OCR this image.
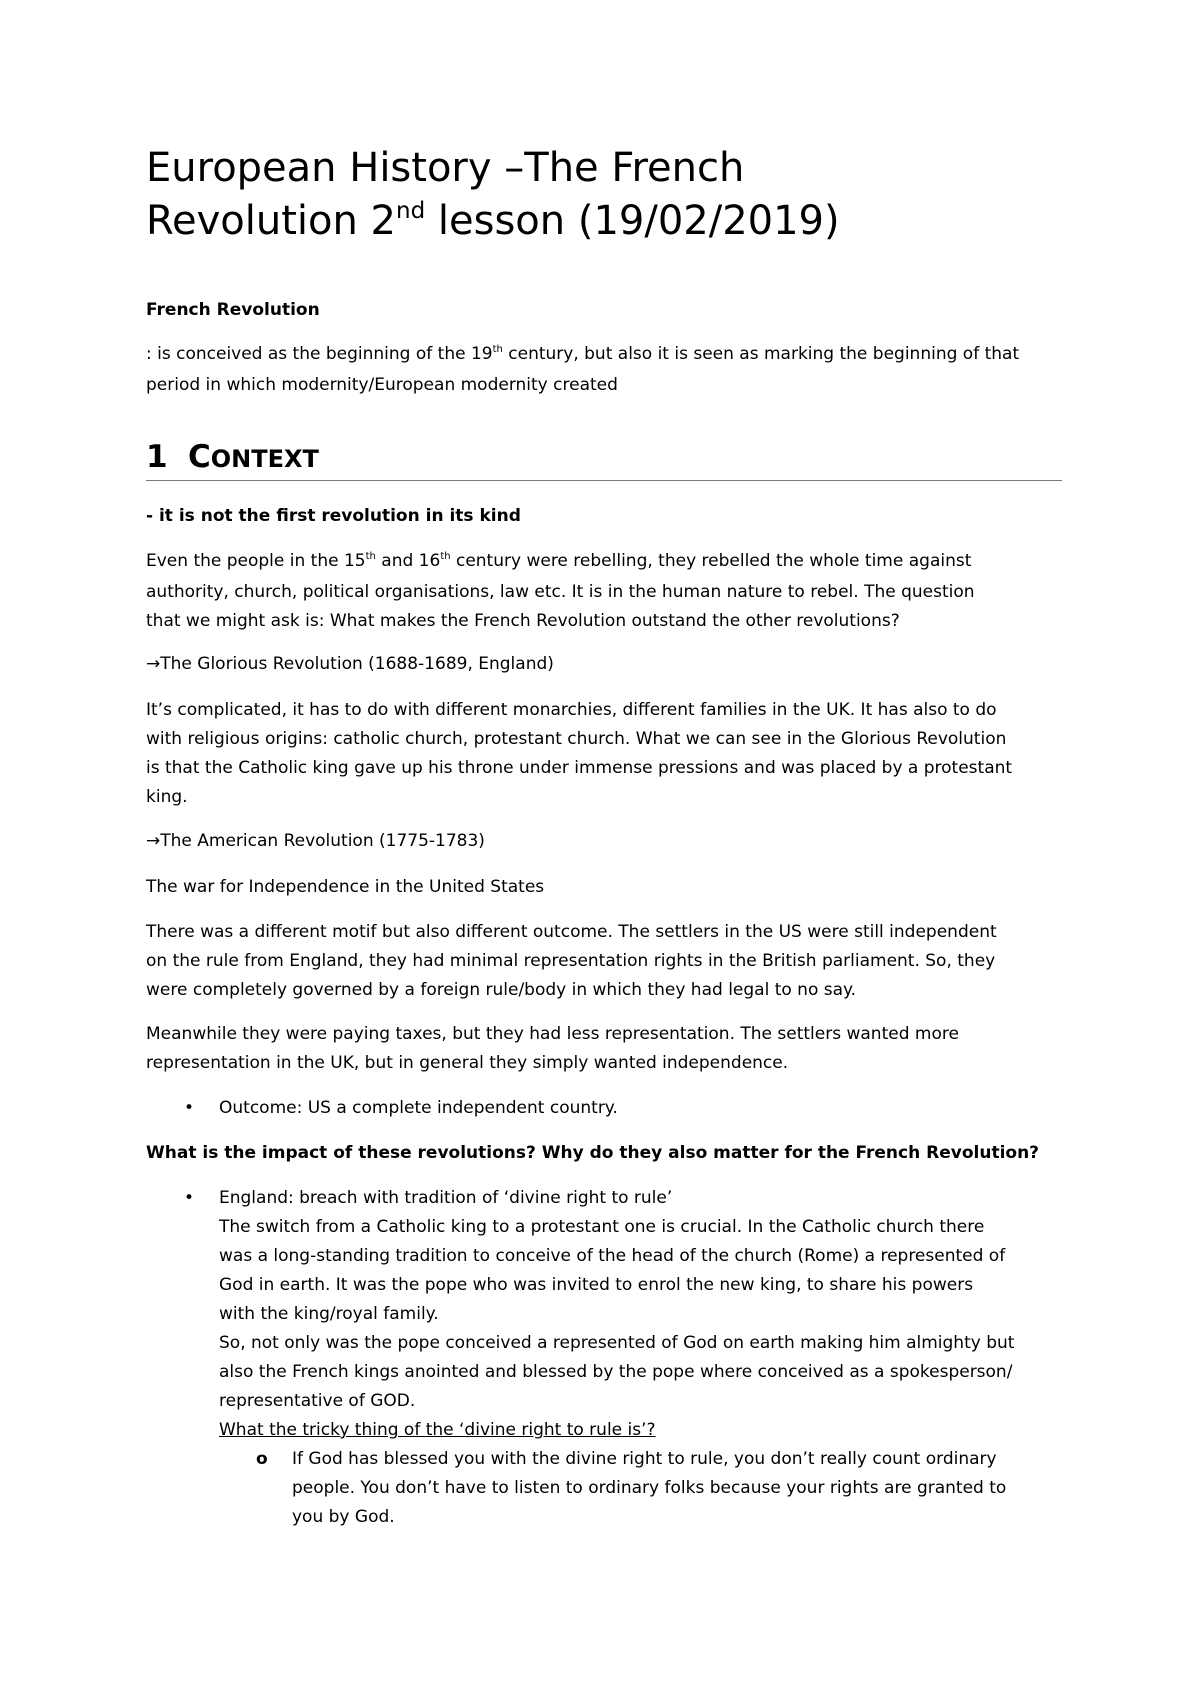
European History –The French
Revolution 2nd lesson (19/02/2019)

French Revolution

: is conceived as the beginning of the 19th century, but also it is seen as marking the beginning of that
period in which modernity/European modernity created

1 CONTEXT

- it is not the first revolution in its kind

Even the people in the 15th and 16th century were rebelling, they rebelled the whole time against
authority, church, political organisations, law etc. It is in the human nature to rebel. The question
that we might ask is: What makes the French Revolution outstand the other revolutions?

→The Glorious Revolution (1688-1689, England)

It’s complicated, it has to do with different monarchies, different families in the UK. It has also to do
with religious origins: catholic church, protestant church. What we can see in the Glorious Revolution
is that the Catholic king gave up his throne under immense pressions and was placed by a protestant
king.

→The American Revolution (1775-1783)

The war for Independence in the United States

There was a different motif but also different outcome. The settlers in the US were still independent
on the rule from England, they had minimal representation rights in the British parliament. So, they
were completely governed by a foreign rule/body in which they had legal to no say.

Meanwhile they were paying taxes, but they had less representation. The settlers wanted more
representation in the UK, but in general they simply wanted independence.

• Outcome: US a complete independent country.

What is the impact of these revolutions? Why do they also matter for the French Revolution?

• England: breach with tradition of ‘divine right to rule’
The switch from a Catholic king to a protestant one is crucial. In the Catholic church there
was a long-standing tradition to conceive of the head of the church (Rome) a represented of
God in earth. It was the pope who was invited to enrol the new king, to share his powers
with the king/royal family.
So, not only was the pope conceived a represented of God on earth making him almighty but
also the French kings anointed and blessed by the pope where conceived as a spokesperson/
representative of GOD.
What the tricky thing of the ‘divine right to rule is’?
o If God has blessed you with the divine right to rule, you don’t really count ordinary
people. You don’t have to listen to ordinary folks because your rights are granted to
you by God.
